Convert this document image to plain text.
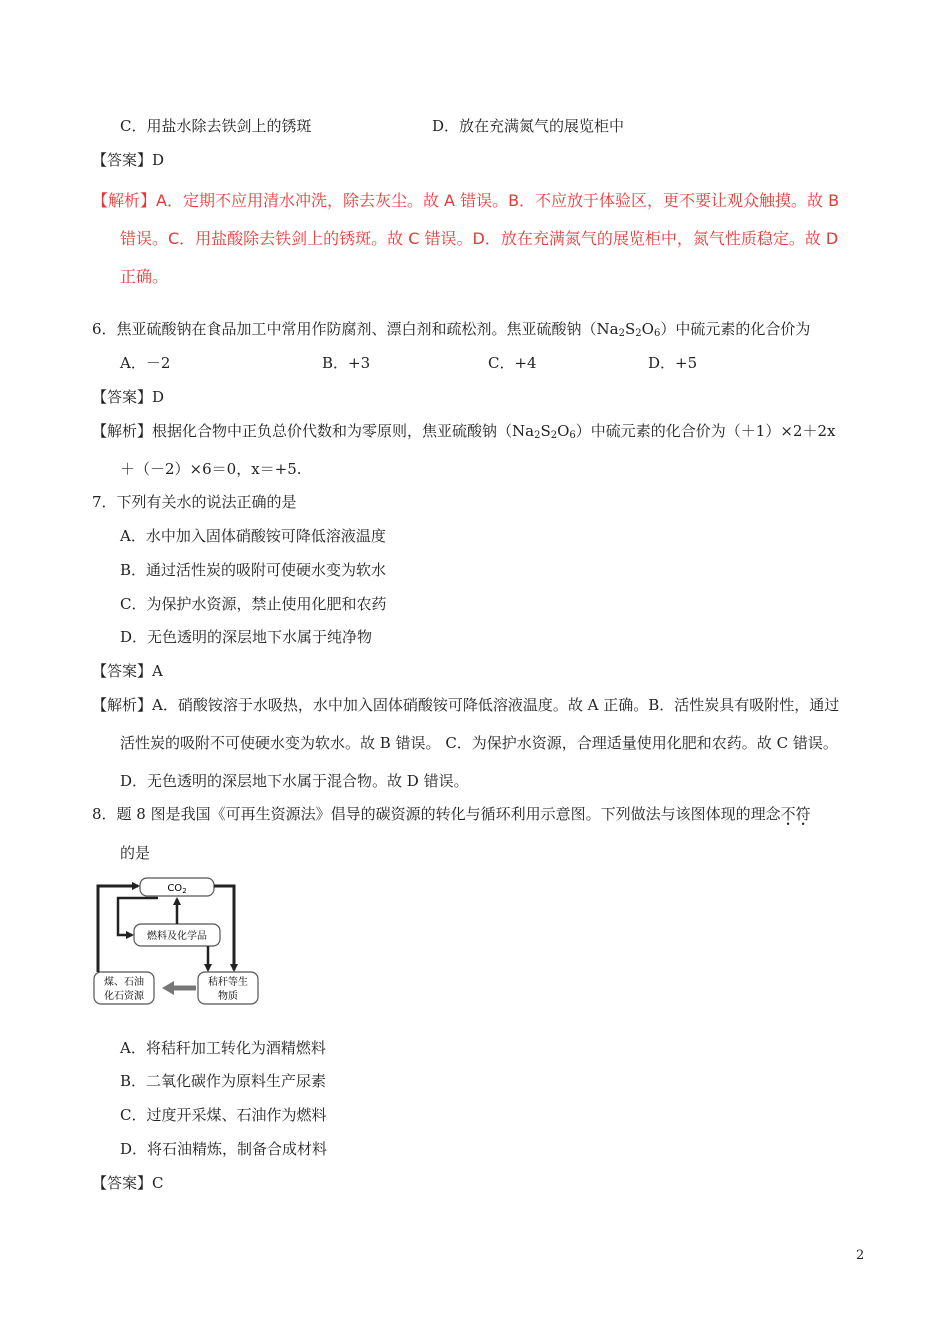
C．用盐水除去铁剑上的锈斑	D．放在充满氮气的展览柜中
【答案】D
【解析】A．定期不应用清水冲洗，除去灰尘。故 A 错误。B．不应放于体验区，更不要让观众触摸。故 B
错误。C．用盐酸除去铁剑上的锈斑。故 C 错误。D．放在充满氮气的展览柜中，氮气性质稳定。故 D
正确。
6．焦亚硫酸钠在食品加工中常用作防腐剂、漂白剂和疏松剂。焦亚硫酸钠$(Na_2S_2O_6)$中硫元素的化合价为
A．－2	B．+3	C．+4	D．+5
【答案】D
【解析】根据化合物中正负总价代数和为零原则，焦亚硫酸钠$(Na_2S_2O_6)$中硫元素的化合价为（＋1）×2＋2x
＋（－2）×6＝0，x＝+5.
7．下列有关水的说法正确的是
A．水中加入固体硝酸铵可降低溶液温度
B．通过活性炭的吸附可使硬水变为软水
C．为保护水资源，禁止使用化肥和农药
D．无色透明的深层地下水属于纯净物
【答案】A
【解析】A．硝酸铵溶于水吸热，水中加入固体硝酸铵可降低溶液温度。故 A 正确。B．活性炭具有吸附性，通过
活性炭的吸附不可使硬水变为软水。故 B 错误。 C．为保护水资源，合理适量使用化肥和农药。故 C 错误。
D．无色透明的深层地下水属于混合物。故 D 错误。
8．题 8 图是我国《可再生资源法》倡导的碳资源的转化与循环利用示意图。下列做法与该图体现的理念不符
的是
$CO_2$
燃料及化学品
秸秆等生
物质
煤、石油
化石资源
A．将秸秆加工转化为酒精燃料
B．二氧化碳作为原料生产尿素
C．过度开采煤、石油作为燃料
D．将石油精炼，制备合成材料
【答案】C
2
